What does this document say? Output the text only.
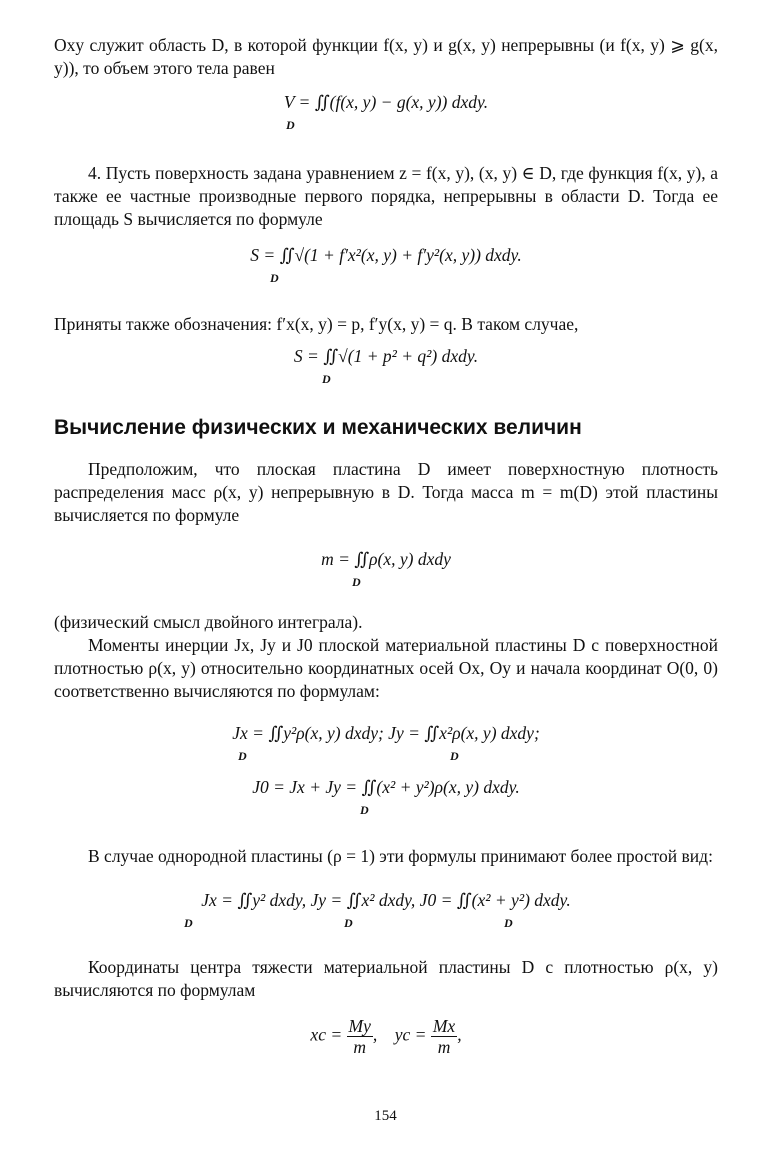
Oxy служит область D, в которой функции f(x, y) и g(x, y) непрерывны (и f(x, y) ⩾ g(x, y)), то объем этого тела равен

V = ∬(f(x, y) − g(x, y)) dxdy.
D

4. Пусть поверхность задана уравнением z = f(x, y), (x, y) ∈ D, где функция f(x, y), а также ее частные производные первого порядка, непрерывны в области D. Тогда ее площадь S вычисляется по формуле

S = ∬√(1 + f′x²(x, y) + f′y²(x, y)) dxdy.
D

Приняты также обозначения: f′x(x, y) = p, f′y(x, y) = q. В таком случае,

S = ∬√(1 + p² + q²) dxdy.
D
Вычисление физических и механических величин

Предположим, что плоская пластина D имеет поверхностную плотность распределения масс ρ(x, y) непрерывную в D. Тогда масса m = m(D) этой пластины вычисляется по формуле

m = ∬ρ(x, y) dxdy
D

(физический смысл двойного интеграла).

Моменты инерции Jx, Jy и J0 плоской материальной пластины D с поверхностной плотностью ρ(x, y) относительно координатных осей Ox, Oy и начала координат O(0, 0) соответственно вычисляются по формулам:

Jx = ∬y²ρ(x, y) dxdy; Jy = ∬x²ρ(x, y) dxdy;
D	D
J0 = Jx + Jy = ∬(x² + y²)ρ(x, y) dxdy.
D

В случае однородной пластины (ρ = 1) эти формулы принимают более простой вид:

Jx = ∬y² dxdy, Jy = ∬x² dxdy, J0 = ∬(x² + y²) dxdy.
D	D	D

Координаты центра тяжести материальной пластины D с плотностью ρ(x, y) вычисляются по формулам

xc = $\frac{My}{m}$ ,    yc = $\frac{Mx}{m}$ ,
154
